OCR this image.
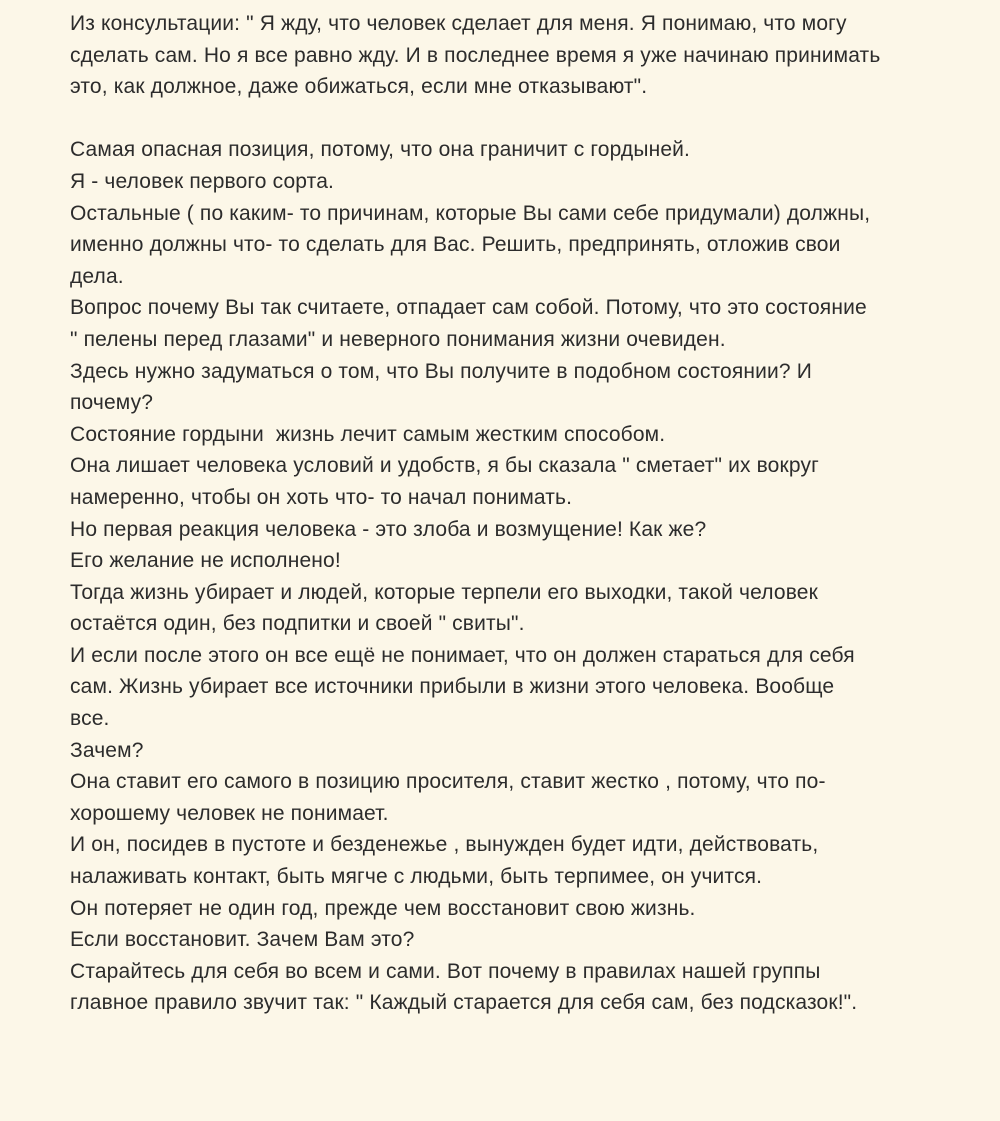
Из консультации: " Я жду, что человек сделает для меня. Я понимаю, что могу
сделать сам. Но я все равно жду. И в последнее время я уже начинаю принимать
это, как должное, даже обижаться, если мне отказывают".
Самая опасная позиция, потому, что она граничит с гордыней.
Я - человек первого сорта.
Остальные ( по каким- то причинам, которые Вы сами себе придумали) должны,
именно должны что- то сделать для Вас. Решить, предпринять, отложив свои
дела.
Вопрос почему Вы так считаете, отпадает сам собой. Потому, что это состояние
" пелены перед глазами" и неверного понимания жизни очевиден.
Здесь нужно задуматься о том, что Вы получите в подобном состоянии? И
почему?
Состояние гордыни  жизнь лечит самым жестким способом.
Она лишает человека условий и удобств, я бы сказала " сметает" их вокруг
намеренно, чтобы он хоть что- то начал понимать.
Но первая реакция человека - это злоба и возмущение! Как же?
Его желание не исполнено!
Тогда жизнь убирает и людей, которые терпели его выходки, такой человек
остаётся один, без подпитки и своей " свиты".
И если после этого он все ещё не понимает, что он должен стараться для себя
сам. Жизнь убирает все источники прибыли в жизни этого человека. Вообще
все.
Зачем?
Она ставит его самого в позицию просителя, ставит жестко , потому, что по-
хорошему человек не понимает.
И он, посидев в пустоте и безденежье , вынужден будет идти, действовать,
налаживать контакт, быть мягче с людьми, быть терпимее, он учится.
Он потеряет не один год, прежде чем восстановит свою жизнь.
Если восстановит. Зачем Вам это?
Старайтесь для себя во всем и сами. Вот почему в правилах нашей группы
главное правило звучит так: " Каждый старается для себя сам, без подсказок!".
